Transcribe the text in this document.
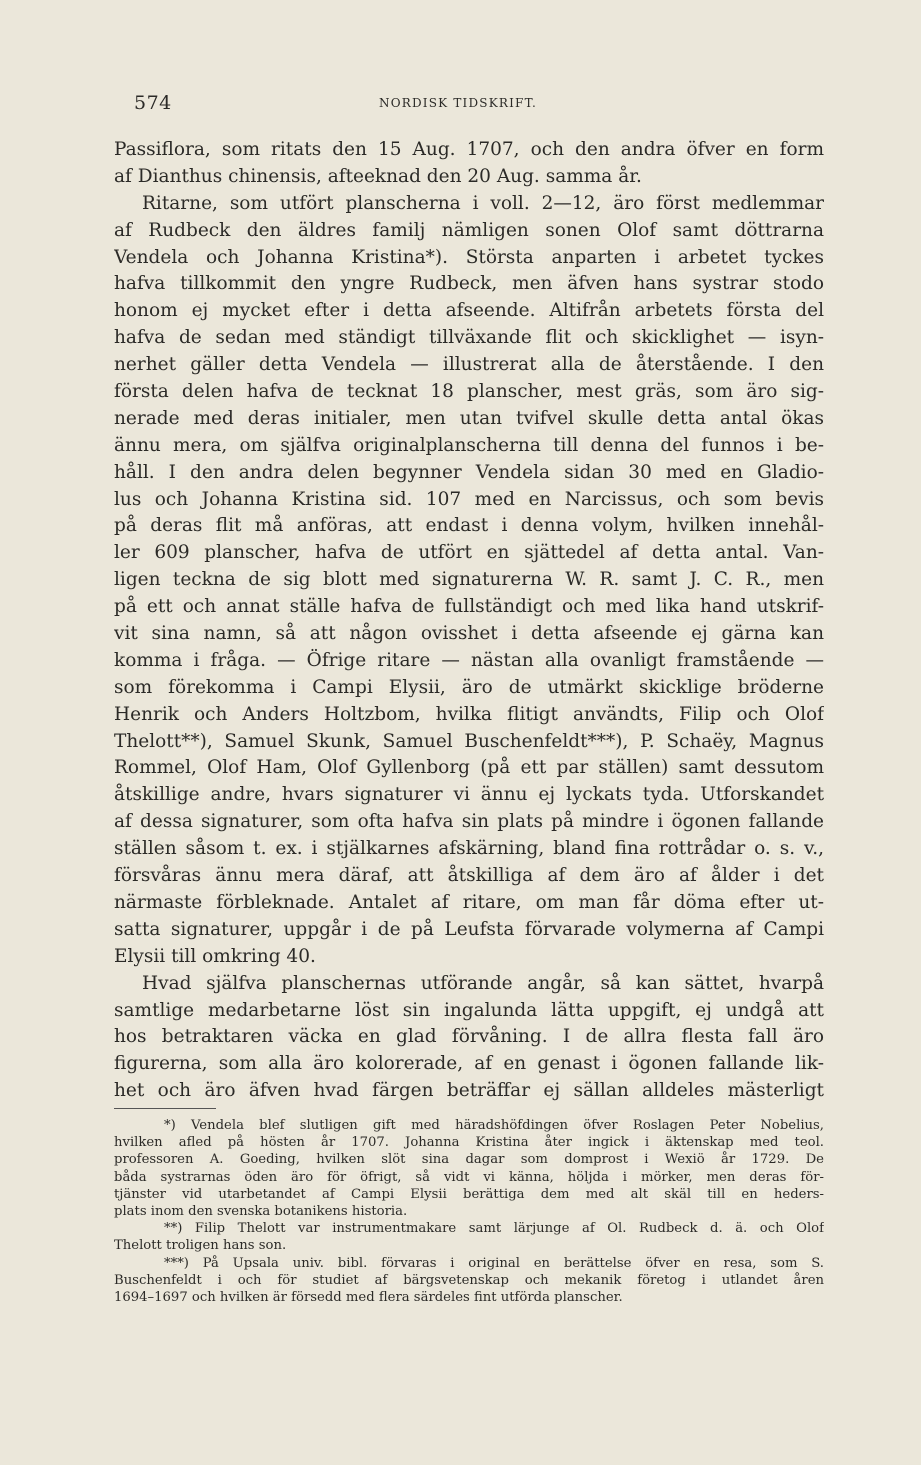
574	NORDISK TIDSKRIFT.
Passiflora, som ritats den 15 Aug. 1707, och den andra öfver en form
af Dianthus chinensis, afteeknad den 20 Aug. samma år.
Ritarne, som utfört planscherna i voll. 2—12, äro först medlemmar
af Rudbeck den äldres familj nämligen sonen Olof samt döttrarna
Vendela och Johanna Kristina*). Största anparten i arbetet tyckes
hafva tillkommit den yngre Rudbeck, men äfven hans systrar stodo
honom ej mycket efter i detta afseende. Altifrån arbetets första del
hafva de sedan med ständigt tillväxande flit och skicklighet — isyn-
nerhet gäller detta Vendela — illustrerat alla de återstående. I den
första delen hafva de tecknat 18 planscher, mest gräs, som äro sig-
nerade med deras initialer, men utan tvifvel skulle detta antal ökas
ännu mera, om själfva originalplanscherna till denna del funnos i be-
håll. I den andra delen begynner Vendela sidan 30 med en Gladio-
lus och Johanna Kristina sid. 107 med en Narcissus, och som bevis
på deras flit må anföras, att endast i denna volym, hvilken innehål-
ler 609 planscher, hafva de utfört en sjättedel af detta antal. Van-
ligen teckna de sig blott med signaturerna W. R. samt J. C. R., men
på ett och annat ställe hafva de fullständigt och med lika hand utskrif-
vit sina namn, så att någon ovisshet i detta afseende ej gärna kan
komma i fråga. — Öfrige ritare — nästan alla ovanligt framstående —
som förekomma i Campi Elysii, äro de utmärkt skicklige bröderne
Henrik och Anders Holtzbom, hvilka flitigt användts, Filip och Olof
Thelott**), Samuel Skunk, Samuel Buschenfeldt***), P. Schaëy, Magnus
Rommel, Olof Ham, Olof Gyllenborg (på ett par ställen) samt dessutom
åtskillige andre, hvars signaturer vi ännu ej lyckats tyda. Utforskandet
af dessa signaturer, som ofta hafva sin plats på mindre i ögonen fallande
ställen såsom t. ex. i stjälkarnes afskärning, bland fina rottrådar o. s. v.,
försvåras ännu mera däraf, att åtskilliga af dem äro af ålder i det
närmaste förbleknade. Antalet af ritare, om man får döma efter ut-
satta signaturer, uppgår i de på Leufsta förvarade volymerna af Campi
Elysii till omkring 40.
Hvad själfva planschernas utförande angår, så kan sättet, hvarpå
samtlige medarbetarne löst sin ingalunda lätta uppgift, ej undgå att
hos betraktaren väcka en glad förvåning. I de allra flesta fall äro
figurerna, som alla äro kolorerade, af en genast i ögonen fallande lik-
het och äro äfven hvad färgen beträffar ej sällan alldeles mästerligt
*) Vendela blef slutligen gift med häradshöfdingen öfver Roslagen Peter Nobelius,
hvilken afled på hösten år 1707. Johanna Kristina åter ingick i äktenskap med teol.
professoren A. Goeding, hvilken slöt sina dagar som domprost i Wexiö år 1729. De
båda systrarnas öden äro för öfrigt, så vidt vi känna, höljda i mörker, men deras för-
tjänster vid utarbetandet af Campi Elysii berättiga dem med alt skäl till en heders-
plats inom den svenska botanikens historia.
**) Filip Thelott var instrumentmakare samt lärjunge af Ol. Rudbeck d. ä. och Olof
Thelott troligen hans son.
***) På Upsala univ. bibl. förvaras i original en berättelse öfver en resa, som S.
Buschenfeldt i och för studiet af bärgsvetenskap och mekanik företog i utlandet åren
1694–1697 och hvilken är försedd med flera särdeles fint utförda planscher.
